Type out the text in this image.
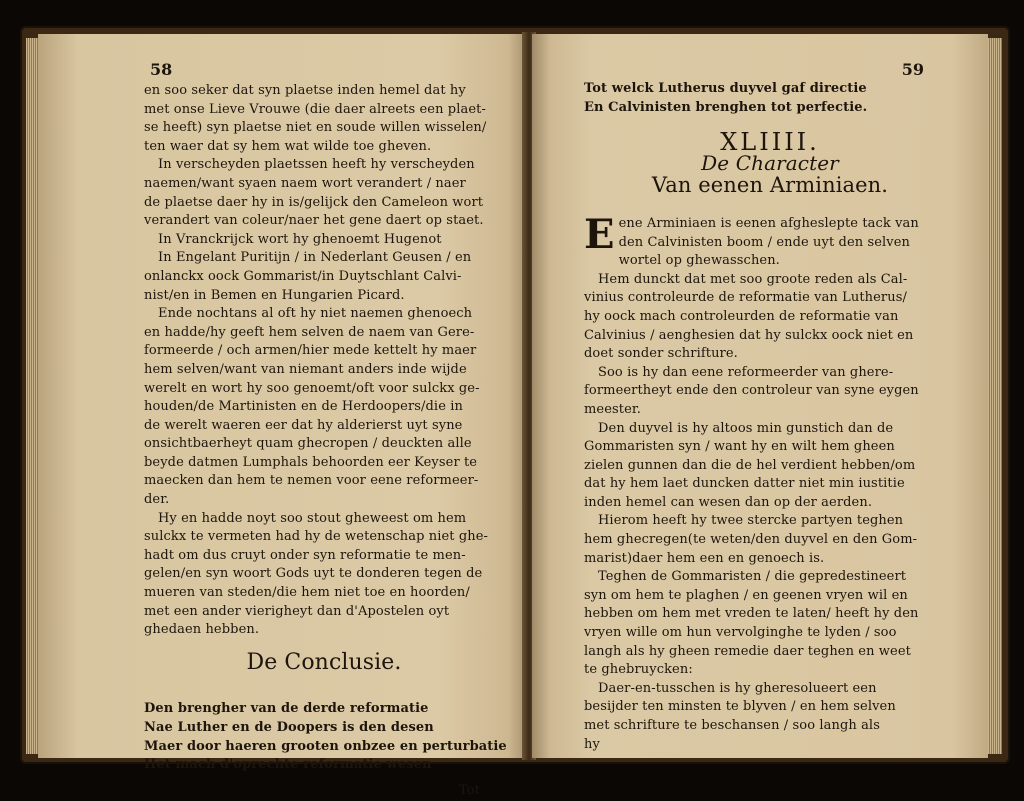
58
en soo seker dat syn plaetse inden hemel dat hy
met onse Lieve Vrouwe (die daer alreets een plaet-
se heeft) syn plaetse niet en soude willen wisselen/
ten waer dat sy hem wat wilde toe gheven.
In verscheyden plaetssen heeft hy verscheyden
naemen/want syaen naem wort verandert / naer
de plaetse daer hy in is/gelijck den Cameleon wort
verandert van coleur/naer het gene daert op staet.
In Vranckrijck wort hy ghenoemt Hugenot
In Engelant Puritijn / in Nederlant Geusen / en
onlanckx oock Gommarist/in Duytschlant Calvi-
nist/en in Bemen en Hungarien Picard.
Ende nochtans al oft hy niet naemen ghenoech
en hadde/hy geeft hem selven de naem van Gere-
formeerde / och armen/hier mede kettelt hy maer
hem selven/want van niemant anders inde wijde
werelt en wort hy soo genoemt/oft voor sulckx ge-
houden/de Martinisten en de Herdoopers/die in
de werelt waeren eer dat hy alderierst uyt syne
onsichtbaerheyt quam ghecropen / deuckten alle
beyde datmen Lumphals behoorden eer Keyser te
maecken dan hem te nemen voor eene reformeer-
der.
Hy en hadde noyt soo stout gheweest om hem
sulckx te vermeten had hy de wetenschap niet ghe-
hadt om dus cruyt onder syn reformatie te men-
gelen/en syn woort Gods uyt te donderen tegen de
mueren van steden/die hem niet toe en hoorden/
met een ander vierigheyt dan d'Apostelen oyt
ghedaen hebben.
De Conclusie.
Den brengher van de derde reformatie
Nae Luther en de Doopers is den desen
Maer door haeren grooten onbzee en perturbatie
Het mach d'oprechte reformatie wesen
Tot
59
Tot welck Lutherus duyvel gaf directie
En Calvinisten brenghen tot perfectie.
XLIIII.
De Character
Van eenen Arminiaen.
E ene Arminiaen is eenen afgheslepte tack van
den Calvinisten boom / ende uyt den selven
wortel op ghewasschen.
Hem dunckt dat met soo groote reden als Cal-
vinius controleurde de reformatie van Lutherus/
hy oock mach controleurden de reformatie van
Calvinius / aenghesien dat hy sulckx oock niet en
doet sonder schrifture.
Soo is hy dan eene reformeerder van ghere-
formeertheyt ende den controleur van syne eygen
meester.
Den duyvel is hy altoos min gunstich dan de
Gommaristen syn / want hy en wilt hem gheen
zielen gunnen dan die de hel verdient hebben/om
dat hy hem laet duncken datter niet min iustitie
inden hemel can wesen dan op der aerden.
Hierom heeft hy twee stercke partyen teghen
hem ghecregen(te weten/den duyvel en den Gom-
marist)daer hem een en genoech is.
Teghen de Gommaristen / die gepredestineert
syn om hem te plaghen / en geenen vryen wil en
hebben om hem met vreden te laten/ heeft hy den
vryen wille om hun vervolginghe te lyden / soo
langh als hy gheen remedie daer teghen en weet
te ghebruycken:
Daer-en-tusschen is hy gheresolueert een
besijder ten minsten te blyven / en hem selven
met schrifture te beschansen / soo langh als
hy
